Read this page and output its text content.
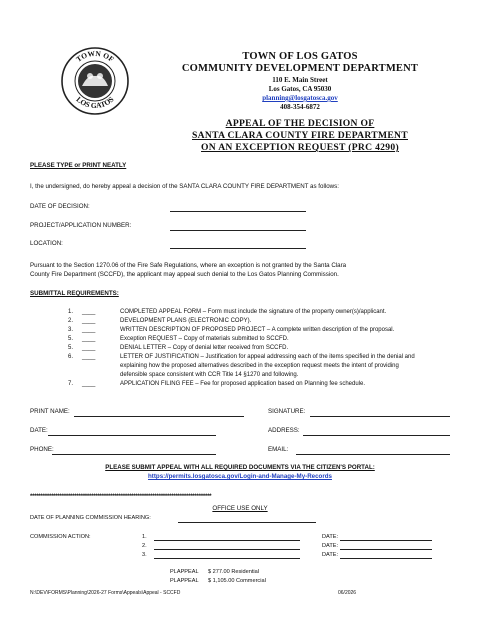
TOWN OF
LOS GATOS
TOWN OF LOS GATOS
COMMUNITY DEVELOPMENT DEPARTMENT
110 E. Main Street
Los Gatos, CA 95030
planning@losgatosca.gov
408-354-6872
APPEAL OF THE DECISION OF
SANTA CLARA COUNTY FIRE DEPARTMENT
ON AN EXCEPTION REQUEST (PRC 4290)
PLEASE TYPE or PRINT NEATLY
I, the undersigned, do hereby appeal a decision of the SANTA CLARA COUNTY FIRE DEPARTMENT as follows:
DATE OF DECISION:
PROJECT/APPLICATION NUMBER:
LOCATION:
Pursuant to the Section 1270.06 of the Fire Safe Regulations, where an exception is not granted by the Santa Clara
County Fire Department (SCCFD), the applicant may appeal such denial to the Los Gatos Planning Commission.
SUBMITTAL REQUIREMENTS:
1. ____	COMPLETED APPEAL FORM – Form must include the signature of the property owner(s)/applicant.
2. ____	DEVELOPMENT PLANS (ELECTRONIC COPY).
3. ____	WRITTEN DESCRIPTION OF PROPOSED PROJECT – A complete written description of the proposal.
5. ____	Exception REQUEST – Copy of materials submitted to SCCFD.
5. ____	DENIAL LETTER – Copy of denial letter received from SCCFD.
6. ____	LETTER OF JUSTIFICATION – Justification for appeal addressing each of the items specified in the denial and
explaining how the proposed alternatives described in the exception request meets the intent of providing
defensible space consistent with CCR Title 14 §1270 and following.
7. ____	APPLICATION FILING FEE – Fee for proposed application based on Planning fee schedule.
PRINT NAME:	SIGNATURE:
DATE:	ADDRESS:
PHONE:	EMAIL:
PLEASE SUBMIT APPEAL WITH ALL REQUIRED DOCUMENTS VIA THE CITIZEN'S PORTAL:
https://permits.losgatosca.gov/Login-and-Manage-My-Records
**************************************************************************************
OFFICE USE ONLY
DATE OF PLANNING COMMISSION HEARING:
COMMISSION ACTION:	1.	DATE:
2.	DATE:
3.	DATE:
PLAPPEAL $ 277.00 Residential
PLAPPEAL $ 1,105.00 Commercial
N:\DEV\FORMS\Planning\2026-27 Forms\Appeals\Appeal - SCCFD	06/2026
